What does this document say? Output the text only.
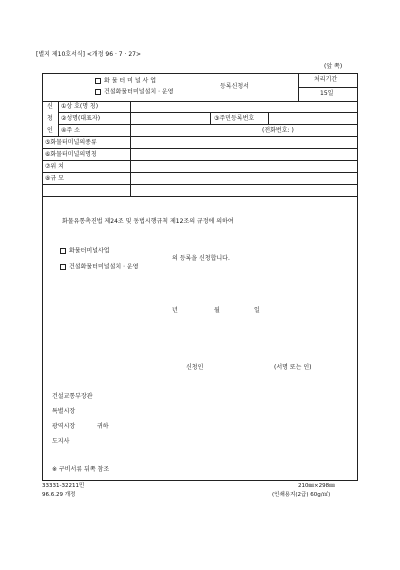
[별지 제10호서식] <개정 96 · 7 · 27>
(앞 쪽)
화 물 터 미 널 사 업
건설화물터미널설치 · 운영
등록신청서
처리기간
15일
신
청
인
①상 호(명 칭)
②성명(대표자)	③주민등록번호
④주 소	(전화번호: )
⑤화물터미널의종류
⑥화물터미널의명칭
⑦위 치
⑧규 모
화물유통촉진법 제24조 및 동법시행규칙 제12조의 규정에 의하여
화물터미널사업
건설화물터미널설치 · 운영
의 등록을 신청합니다.
년	월	일
신청인	(서명 또는 인)
건설교통부장관
특별시장
광역시장	귀하
도지사
※ 구비서류 뒤쪽 참조
33331-32211민
96.6.29 개정
210㎜×298㎜
(인쇄용지(2급) 60g/㎡)
